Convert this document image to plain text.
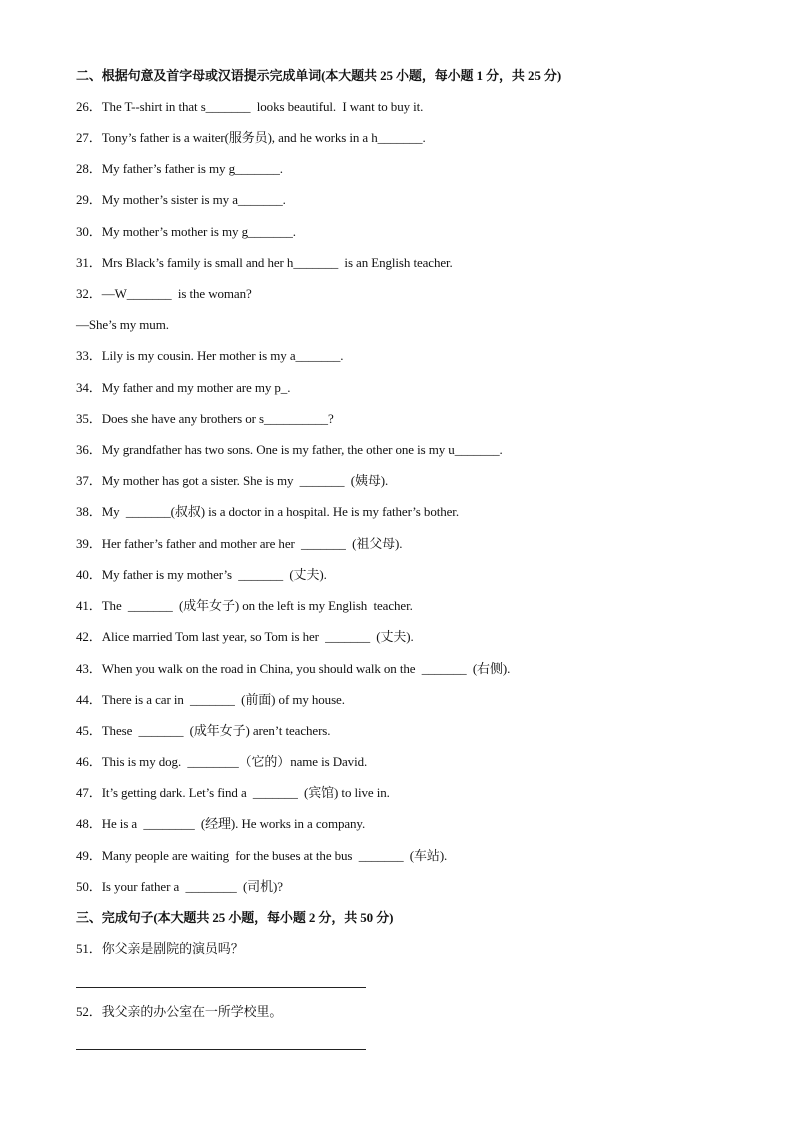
二、根据句意及首字母或汉语提示完成单词(本大题共 25 小题，每小题 1 分，共 25 分)
26．The T--shirt in that s_______  looks beautiful.  I want to buy it.
27．Tony’s father is a waiter(服务员), and he works in a h_______.
28．My father’s father is my g_______.
29．My mother’s sister is my a_______.
30．My mother’s mother is my g_______.
31．Mrs Black’s family is small and her h_______  is an English teacher.
32．—W_______  is the woman?
—She’s my mum.
33．Lily is my cousin. Her mother is my a_______.
34．My father and my mother are my p_.
35．Does she have any brothers or s__________?
36．My grandfather has two sons. One is my father, the other one is my u_______.
37．My mother has got a sister. She is my  _______  (姨母).
38．My  _______(叔叔) is a doctor in a hospital. He is my father’s bother.
39．Her father’s father and mother are her  _______  (祖父母).
40．My father is my mother’s  _______  (丈夫).
41．The  _______  (成年女子) on the left is my English  teacher.
42．Alice married Tom last year, so Tom is her  _______  (丈夫).
43．When you walk on the road in China, you should walk on the  _______  (右侧).
44．There is a car in  _______  (前面) of my house.
45．These  _______  (成年女子) aren’t teachers.
46．This is my dog.  ________（它的）name is David.
47．It’s getting dark. Let’s find a  _______  (宾馆) to live in.
48．He is a  ________  (经理). He works in a company.
49．Many people are waiting  for the buses at the bus  _______  (车站).
50．Is your father a  ________  (司机)?
三、完成句子(本大题共 25 小题，每小题 2 分，共 50 分)
51．你父亲是剧院的演员吗？
52．我父亲的办公室在一所学校里。
